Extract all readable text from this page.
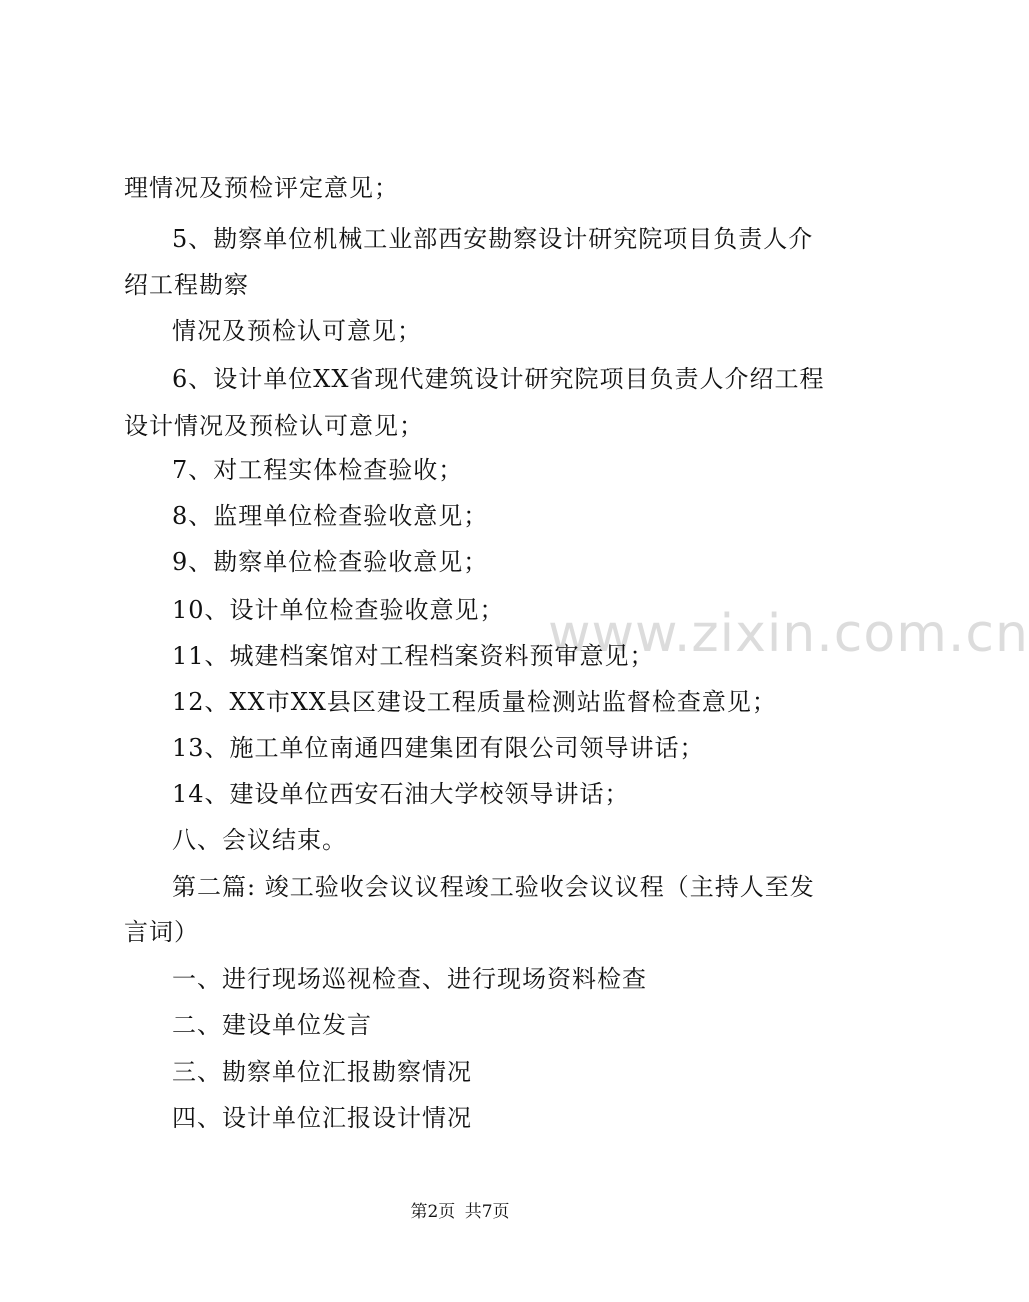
www.zixin.com.cn
理情况及预检评定意见；
5、勘察单位机械工业部西安勘察设计研究院项目负责人介
绍工程勘察
情况及预检认可意见；
6、设计单位XX省现代建筑设计研究院项目负责人介绍工程
设计情况及预检认可意见；
7、对工程实体检查验收；
8、监理单位检查验收意见；
9、勘察单位检查验收意见；
10、设计单位检查验收意见；
11、城建档案馆对工程档案资料预审意见；
12、XX市XX县区建设工程质量检测站监督检查意见；
13、施工单位南通四建集团有限公司领导讲话；
14、建设单位西安石油大学校领导讲话；
八、会议结束。
第二篇: 竣工验收会议议程竣工验收会议议程（主持人至发
言词）
一、进行现场巡视检查、进行现场资料检查
二、建设单位发言
三、勘察单位汇报勘察情况
四、设计单位汇报设计情况
第2页 共7页
